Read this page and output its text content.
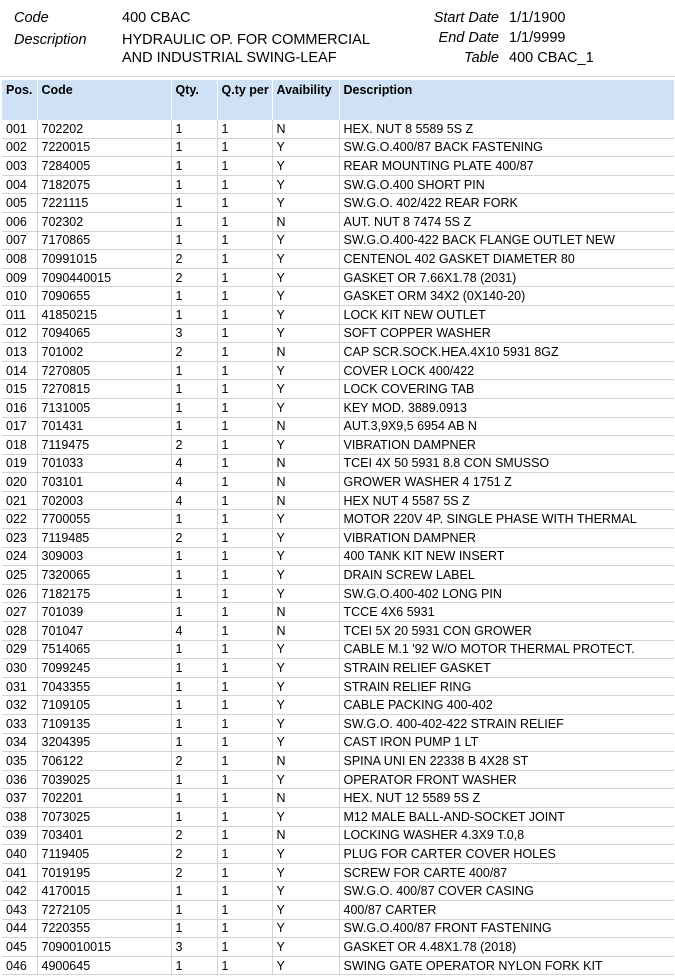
Code	400 CBAC
Description HYDRAULIC OP. FOR COMMERCIAL
AND INDUSTRIAL SWING-LEAF
Start Date 1/1/1900
End Date 1/1/9999
Table 400 CBAC_1
Pos.	Code	Qty.	Q.ty per	Avaibility	Description
001	702202	1	1	N	HEX. NUT 8 5589 5S Z
002	7220015	1	1	Y	SW.G.O.400/87 BACK FASTENING
003	7284005	1	1	Y	REAR MOUNTING PLATE 400/87
004	7182075	1	1	Y	SW.G.O.400 SHORT PIN
005	7221115	1	1	Y	SW.G.O. 402/422 REAR FORK
006	702302	1	1	N	AUT. NUT 8 7474 5S Z
007	7170865	1	1	Y	SW.G.O.400-422 BACK FLANGE OUTLET NEW
008	70991015	2	1	Y	CENTENOL 402 GASKET DIAMETER 80
009	7090440015	2	1	Y	GASKET OR 7.66X1.78 (2031)
010	7090655	1	1	Y	GASKET ORM 34X2 (0X140-20)
011	41850215	1	1	Y	LOCK KIT NEW OUTLET
012	7094065	3	1	Y	SOFT COPPER WASHER
013	701002	2	1	N	CAP SCR.SOCK.HEA.4X10 5931 8GZ
014	7270805	1	1	Y	COVER LOCK 400/422
015	7270815	1	1	Y	LOCK COVERING TAB
016	7131005	1	1	Y	KEY MOD. 3889.0913
017	701431	1	1	N	AUT.3,9X9,5 6954 AB N
018	7119475	2	1	Y	VIBRATION DAMPNER
019	701033	4	1	N	TCEI 4X 50 5931 8.8 CON SMUSSO
020	703101	4	1	N	GROWER WASHER 4 1751 Z
021	702003	4	1	N	HEX NUT 4 5587 5S Z
022	7700055	1	1	Y	MOTOR 220V 4P. SINGLE PHASE WITH THERMAL
023	7119485	2	1	Y	VIBRATION DAMPNER
024	309003	1	1	Y	400 TANK KIT NEW INSERT
025	7320065	1	1	Y	DRAIN SCREW LABEL
026	7182175	1	1	Y	SW.G.O.400-402 LONG PIN
027	701039	1	1	N	TCCE 4X6 5931
028	701047	4	1	N	TCEI 5X 20 5931 CON GROWER
029	7514065	1	1	Y	CABLE M.1 '92 W/O MOTOR THERMAL PROTECT.
030	7099245	1	1	Y	STRAIN RELIEF GASKET
031	7043355	1	1	Y	STRAIN RELIEF RING
032	7109105	1	1	Y	CABLE PACKING 400-402
033	7109135	1	1	Y	SW.G.O. 400-402-422 STRAIN RELIEF
034	3204395	1	1	Y	CAST IRON PUMP 1 LT
035	706122	2	1	N	SPINA UNI EN 22338 B 4X28 ST
036	7039025	1	1	Y	OPERATOR FRONT WASHER
037	702201	1	1	N	HEX. NUT 12 5589 5S Z
038	7073025	1	1	Y	M12 MALE BALL-AND-SOCKET JOINT
039	703401	2	1	N	LOCKING WASHER 4.3X9 T.0,8
040	7119405	2	1	Y	PLUG FOR CARTER COVER HOLES
041	7019195	2	1	Y	SCREW FOR CARTE 400/87
042	4170015	1	1	Y	SW.G.O. 400/87 COVER CASING
043	7272105	1	1	Y	400/87 CARTER
044	7220355	1	1	Y	SW.G.O.400/87 FRONT FASTENING
045	7090010015	3	1	Y	GASKET OR 4.48X1.78 (2018)
046	4900645	1	1	Y	SWING GATE OPERATOR NYLON FORK KIT
